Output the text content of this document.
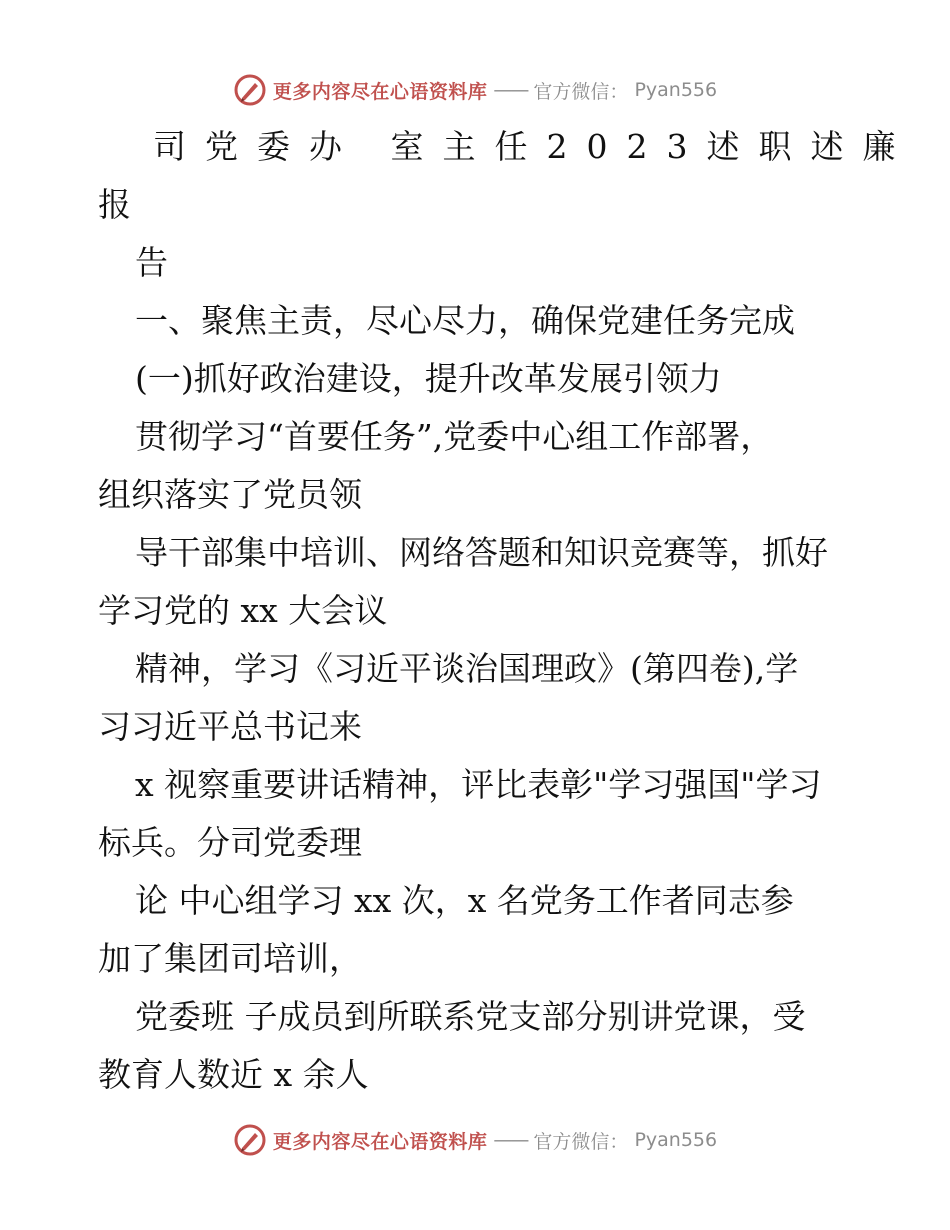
更多内容尽在心语资料库 —— 官方微信： Pyan556
司党委办 室主任2023述职述廉
报
告
一、聚焦主责，尽心尽力，确保党建任务完成
(一)抓好政治建设，提升改革发展引领力
贯彻学习“首要任务”,党委中心组工作部署，
组织落实了党员领
导干部集中培训、网络答题和知识竞赛等，抓好
学习党的 xx 大会议
精神，学习《习近平谈治国理政》(第四卷),学
习习近平总书记来
x 视察重要讲话精神，评比表彰"学习强国"学习
标兵。分司党委理
论 中心组学习 xx 次，x 名党务工作者同志参
加了集团司培训，
党委班 子成员到所联系党支部分别讲党课，受
教育人数近 x 余人
更多内容尽在心语资料库 —— 官方微信： Pyan556
